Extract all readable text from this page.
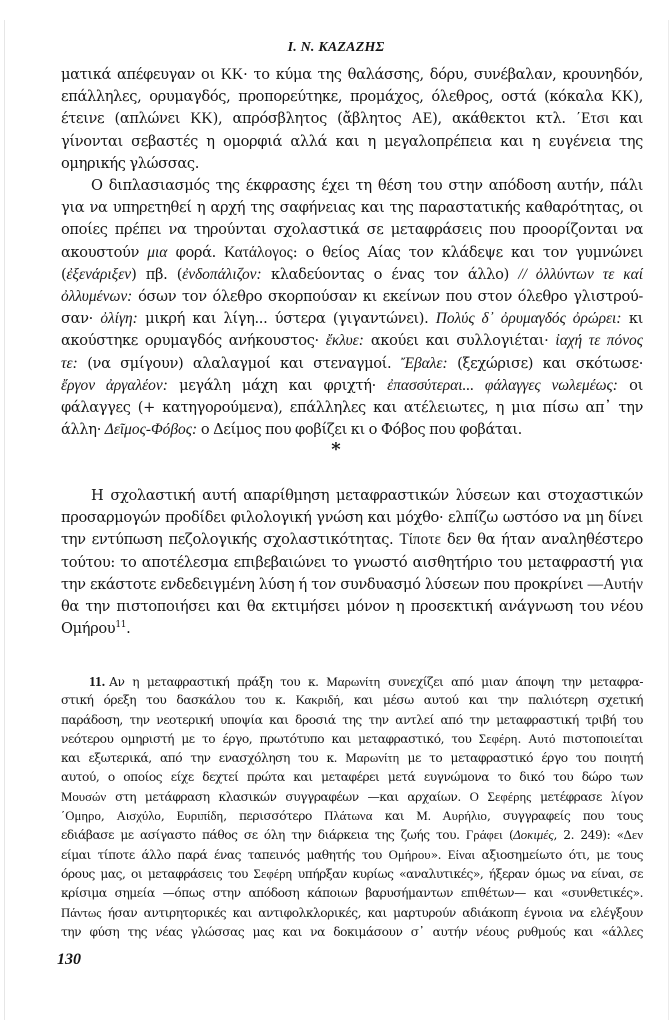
I. N. ΚΑΖΑΖΗΣ
ματικά απέφευγαν οι ΚΚ· το κύμα της θαλάσσης, δόρυ, συνέβαλαν, κρουνηδόν,
επάλληλες, ορυμαγδός, προπορεύτηκε, προμάχος, όλεθρος, οστά (κόκαλα ΚΚ),
έτεινε (απλώνει ΚΚ), απρόσβλητος (ἄβλητος ΑΕ), ακάθεκτοι κτλ. ΄Ετσι και
γίνονται σεβαστές η ομορφιά αλλά και η μεγαλοπρέπεια και η ευγένεια της
ομηρικής γλώσσας.
Ο διπλασιασμός της έκφρασης έχει τη θέση του στην απόδοση αυτήν, πάλι
για να υπηρετηθεί η αρχή της σαφήνειας και της παραστατικής καθαρότητας, οι
οποίες πρέπει να τηρούνται σχολαστικά σε μεταφράσεις που προορίζονται να
ακουστούν μια φορά. Κατάλογος: ο θείος Αίας τον κλάδεψε και τον γυμνώνει
(ἐξενάριξεν) πβ. (ἐνδοπάλιζον: κλαδεύοντας ο ένας τον άλλο) // ὀλλύντων τε καί
ὀλλυμένων: όσων τον όλεθρο σκορπούσαν κι εκείνων που στον όλεθρο γλιστρού-
σαν· ὀλίγη: μικρή και λίγη... ύστερα (γιγαντώνει). Πολύς δ᾽ ὀρυμαγδός ὀρώρει: κι
ακούστηκε ορυμαγδός ανήκουστος· ἔκλυε: ακούει και συλλογιέται· ἰαχή τε πόνος
τε: (να σμίγουν) αλαλαγμοί και στεναγμοί. Ἔβαλε: (ξεχώρισε) και σκότωσε·
ἔργον ἀργαλέον: μεγάλη μάχη και φριχτή· ἐπασσύτεραι... φάλαγγες νωλεμέως: οι
φάλαγγες (+ κατηγορούμενα), επάλληλες και ατέλειωτες, η μια πίσω απ᾽ την
άλλη· Δεῖμος-Φόβος: ο Δείμος που φοβίζει κι ο Φόβος που φοβάται.
*
Η σχολαστική αυτή απαρίθμηση μεταφραστικών λύσεων και στοχαστικών
προσαρμογών προδίδει φιλολογική γνώση και μόχθο· ελπίζω ωστόσο να μη δίνει
την εντύπωση πεζολογικής σχολαστικότητας. Τίποτε δεν θα ήταν αναληθέστερο
τούτου: το αποτέλεσμα επιβεβαιώνει το γνωστό αισθητήριο του μεταφραστή για
την εκάστοτε ενδεδειγμένη λύση ή τον συνδυασμό λύσεων που προκρίνει —Αυτήν
θα την πιστοποιήσει και θα εκτιμήσει μόνον η προσεκτική ανάγνωση του νέου
Ομήρου$^{11}$.
11. Αν η μεταφραστική πράξη του κ. Μαρωνίτη συνεχίζει από μιαν άποψη την μεταφρα-
στική όρεξη του δασκάλου του κ. Κακριδή, και μέσω αυτού και την παλιότερη σχετική
παράδοση, την νεοτερική υποψία και δροσιά της την αντλεί από την μεταφραστική τριβή του
νεότερου ομηριστή με το έργο, πρωτότυπο και μεταφραστικό, του Σεφέρη. Αυτό πιστοποιείται
και εξωτερικά, από την ενασχόληση του κ. Μαρωνίτη με το μεταφραστικό έργο του ποιητή
αυτού, ο οποίος είχε δεχτεί πρώτα και μεταφέρει μετά ευγνώμονα το δικό του δώρο των
Μουσών στη μετάφραση κλασικών συγγραφέων —και αρχαίων. Ο Σεφέρης μετέφρασε λίγον
΄Ομηρο, Αισχύλο, Ευριπίδη, περισσότερο Πλάτωνα και Μ. Αυρήλιο, συγγραφείς που τους
εδιάβασε με ασίγαστο πάθος σε όλη την διάρκεια της ζωής του. Γράφει (Δοκιμές, 2. 249): «Δεν
είμαι τίποτε άλλο παρά ένας ταπεινός μαθητής του Ομήρου». Είναι αξιοσημείωτο ότι, με τους
όρους μας, οι μεταφράσεις του Σεφέρη υπήρξαν κυρίως «αναλυτικές», ήξεραν όμως να είναι, σε
κρίσιμα σημεία —όπως στην απόδοση κάποιων βαρυσήμαντων επιθέτων— και «συνθετικές».
Πάντως ήσαν αντιρητορικές και αντιφολκλορικές, και μαρτυρούν αδιάκοπη έγνοια να ελέγξουν
την φύση της νέας γλώσσας μας και να δοκιμάσουν σ᾽ αυτήν νέους ρυθμούς και «άλλες
130
